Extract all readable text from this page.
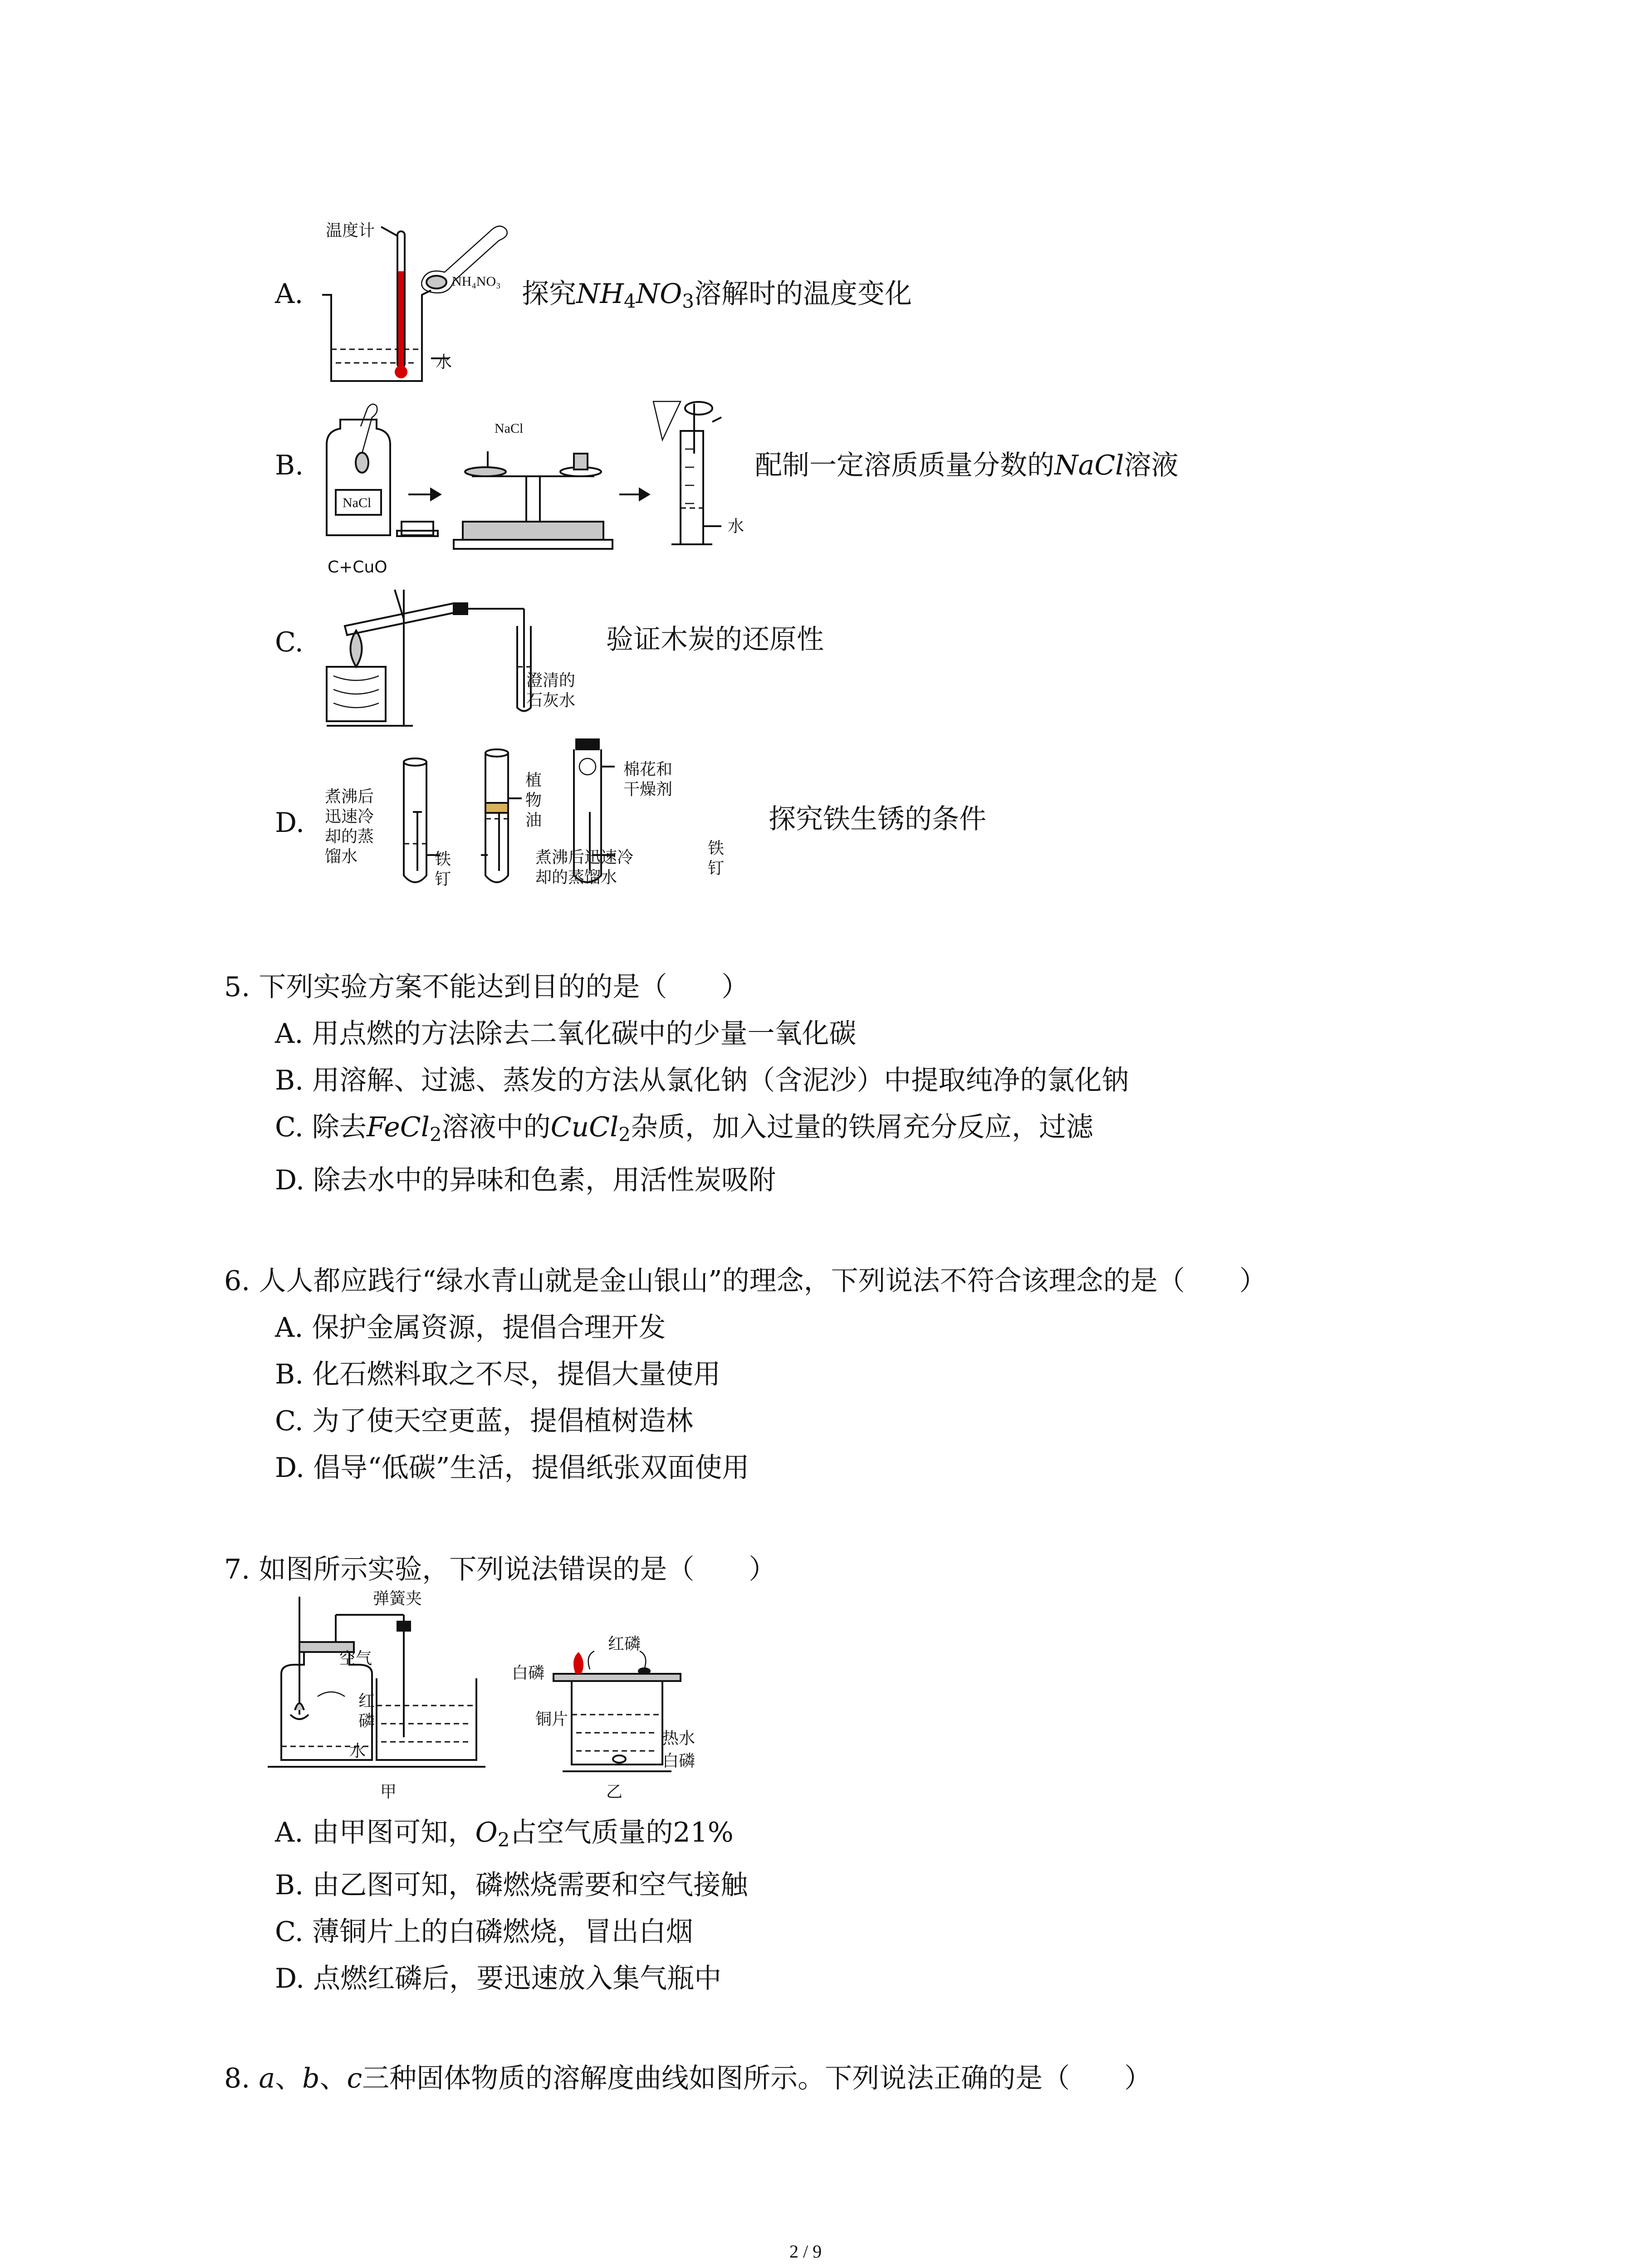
A.
温度计
NH₄NO₃
水
探究$NH_4NO_3$溶解时的温度变化
B.
NaCl
NaCl
水
配制一定溶质质量分数的NaCl溶液
C.
C+CuO
澄清的
石灰水
验证木炭的还原性
D.
煮沸后
迅速冷
却的蒸
馏水	铁
钉
植
物
油
煮沸后迅速冷
却的蒸馏水
棉花和
干燥剂
铁
钉
探究铁生锈的条件
5. 下列实验方案不能达到目的的是（　　）
A. 用点燃的方法除去二氧化碳中的少量一氧化碳
B. 用溶解、过滤、蒸发的方法从氯化钠（含泥沙）中提取纯净的氯化钠
C. 除去FeCl$_2$溶液中的CuCl$_2$杂质，加入过量的铁屑充分反应，过滤
D. 除去水中的异味和色素，用活性炭吸附
6. 人人都应践行“绿水青山就是金山银山”的理念，下列说法不符合该理念的是（　　）
A. 保护金属资源，提倡合理开发
B. 化石燃料取之不尽，提倡大量使用
C. 为了使天空更蓝，提倡植树造林
D. 倡导“低碳”生活，提倡纸张双面使用
7. 如图所示实验，下列说法错误的是（　　）
弹簧夹
空气
红
磷
水
甲
红磷
白磷
铜片
热水
白磷
乙
A. 由甲图可知，$O_2$占空气质量的21%
B. 由乙图可知，磷燃烧需要和空气接触
C. 薄铜片上的白磷燃烧，冒出白烟
D. 点燃红磷后，要迅速放入集气瓶中
8. a、b、c三种固体物质的溶解度曲线如图所示。下列说法正确的是（　　）
2 / 9
